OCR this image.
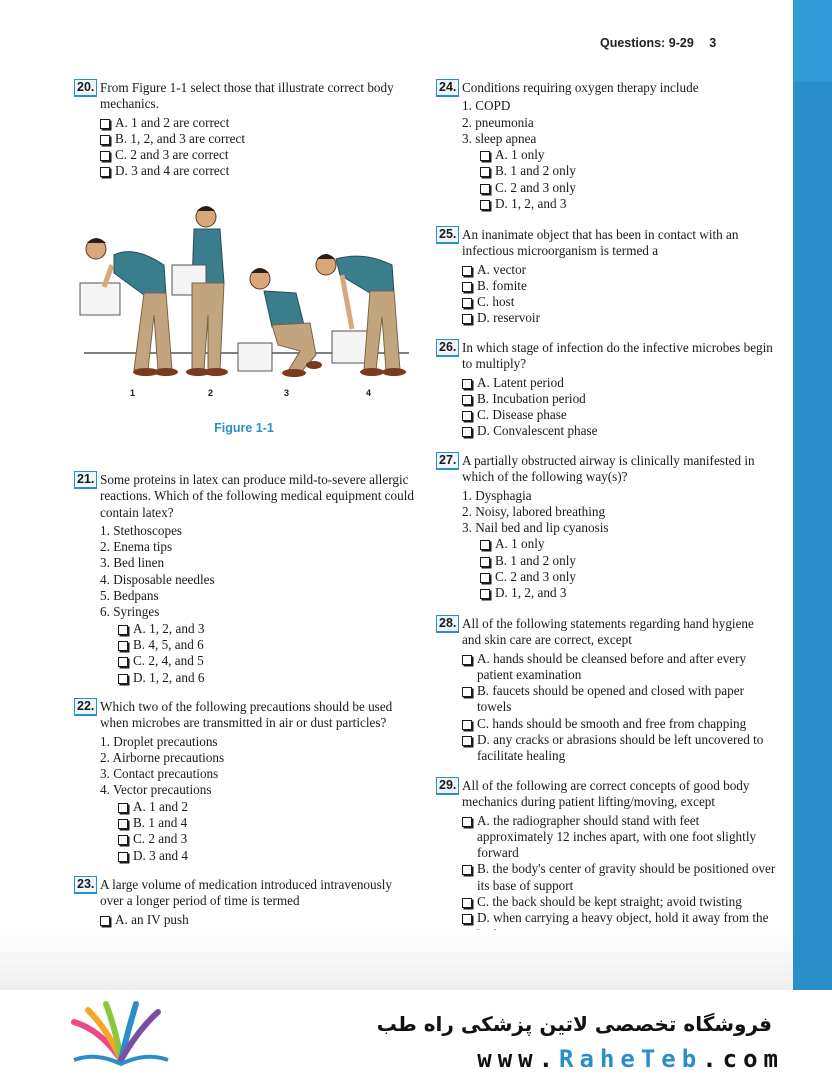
Questions: 9-29 3
20. From Figure 1-1 select those that illustrate correct body mechanics.
A. 1 and 2 are correct
B. 1, 2, and 3 are correct
C. 2 and 3 are correct
D. 3 and 4 are correct
1	2	3	4
Figure 1-1
21. Some proteins in latex can produce mild-to-severe allergic reactions. Which of the following medical equipment could contain latex?
1. Stethoscopes
2. Enema tips
3. Bed linen
4. Disposable needles
5. Bedpans
6. Syringes
A. 1, 2, and 3
B. 4, 5, and 6
C. 2, 4, and 5
D. 1, 2, and 6
22. Which two of the following precautions should be used when microbes are transmitted in air or dust particles?
1. Droplet precautions
2. Airborne precautions
3. Contact precautions
4. Vector precautions
A. 1 and 2
B. 1 and 4
C. 2 and 3
D. 3 and 4
23. A large volume of medication introduced intravenously over a longer period of time is termed
A. an IV push
24. Conditions requiring oxygen therapy include
1. COPD
2. pneumonia
3. sleep apnea
A. 1 only
B. 1 and 2 only
C. 2 and 3 only
D. 1, 2, and 3
25. An inanimate object that has been in contact with an infectious microorganism is termed a
A. vector
B. fomite
C. host
D. reservoir
26. In which stage of infection do the infective microbes begin to multiply?
A. Latent period
B. Incubation period
C. Disease phase
D. Convalescent phase
27. A partially obstructed airway is clinically manifested in which of the following way(s)?
1. Dysphagia
2. Noisy, labored breathing
3. Nail bed and lip cyanosis
A. 1 only
B. 1 and 2 only
C. 2 and 3 only
D. 1, 2, and 3
28. All of the following statements regarding hand hygiene and skin care are correct, except
A. hands should be cleansed before and after every patient examination
B. faucets should be opened and closed with paper towels
C. hands should be smooth and free from chapping
D. any cracks or abrasions should be left uncovered to facilitate healing
29. All of the following are correct concepts of good body mechanics during patient lifting/moving, except
A. the radiographer should stand with feet approximately 12 inches apart, with one foot slightly forward
B. the body's center of gravity should be positioned over its base of support
C. the back should be kept straight; avoid twisting
D. when carrying a heavy object, hold it away from the
فروشگاه تخصصی لاتین پزشکی راه طب
www.RaheTeb.com
